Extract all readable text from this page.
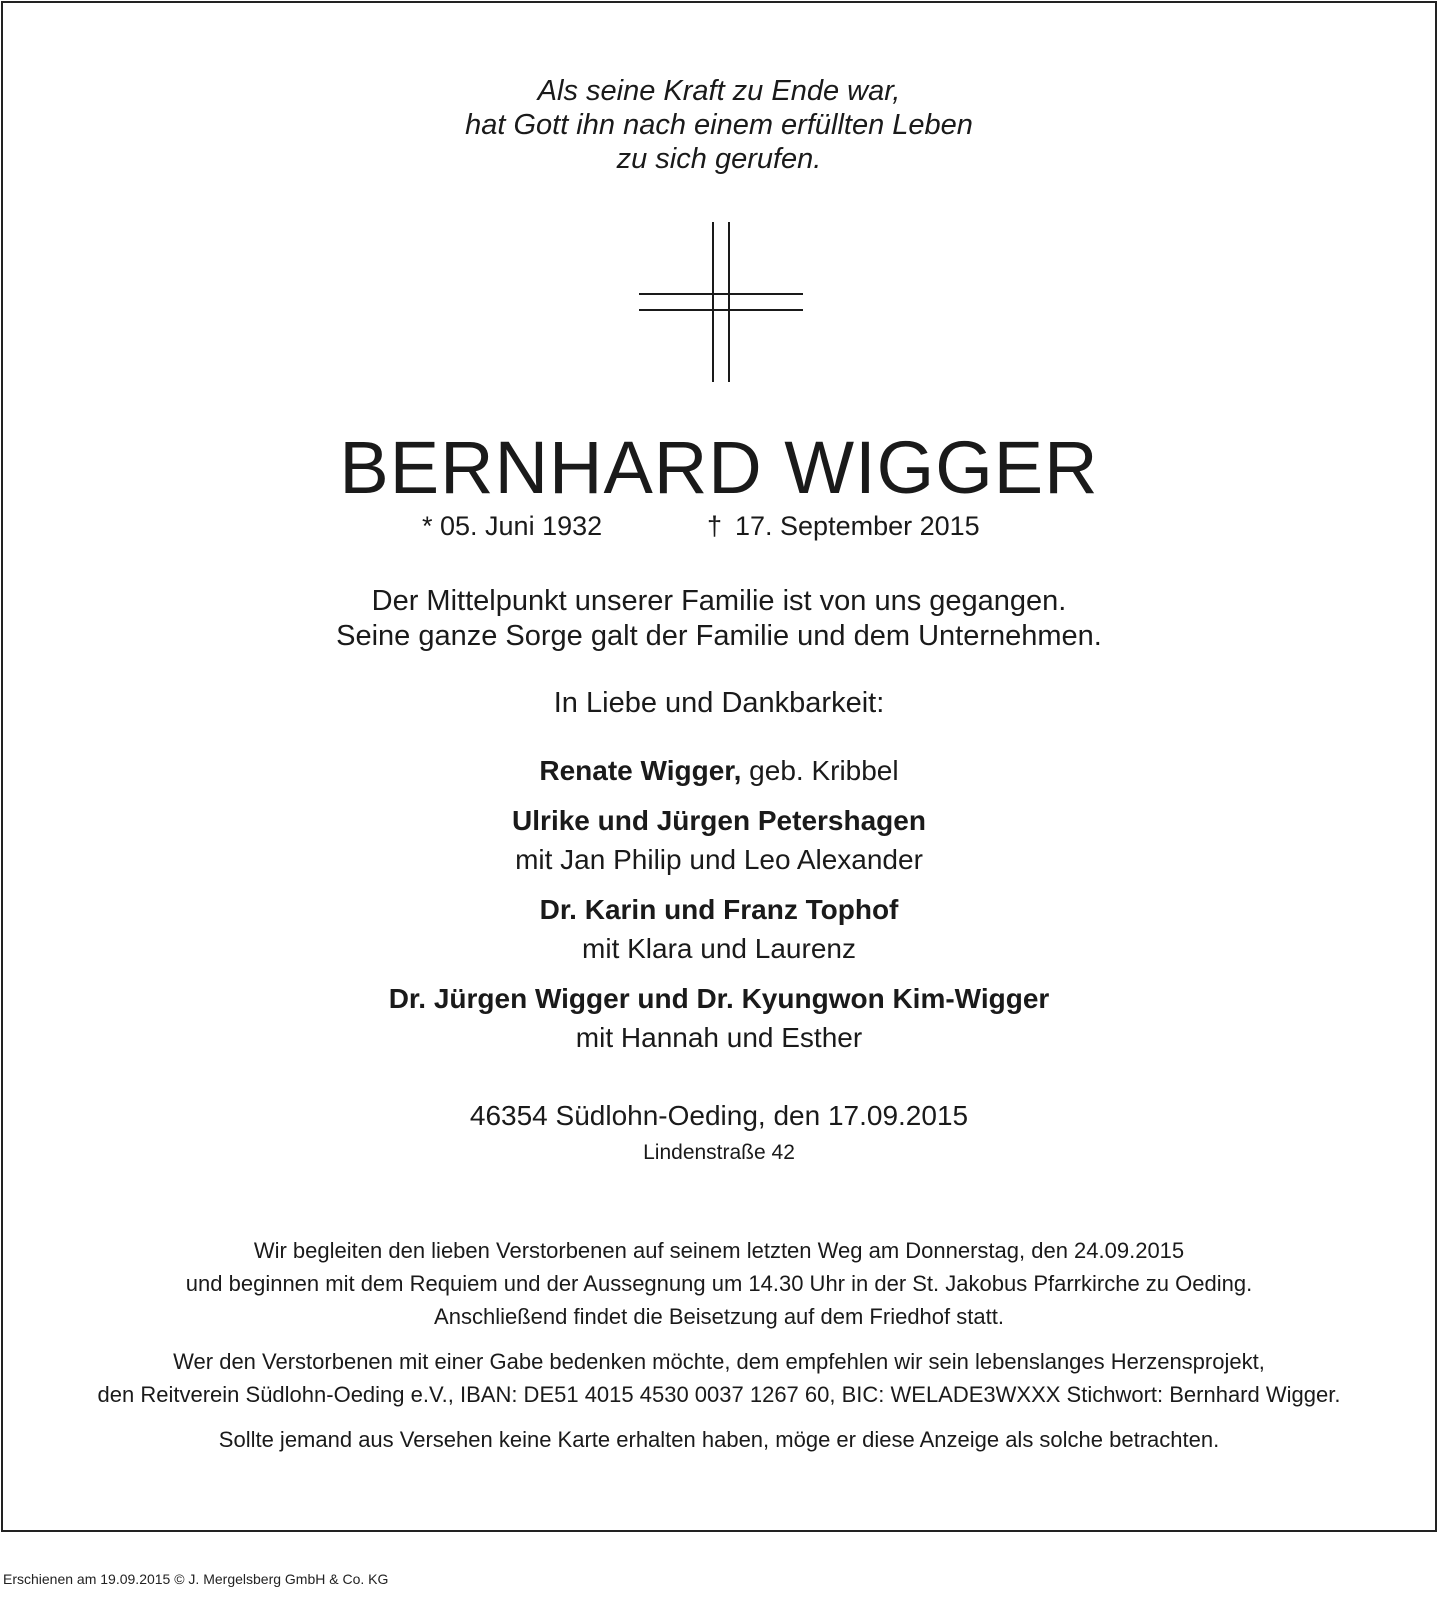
Als seine Kraft zu Ende war,
hat Gott ihn nach einem erfüllten Leben
zu sich gerufen.
BERNHARD WIGGER
* 05. Juni 1932	† 17. September 2015
Der Mittelpunkt unserer Familie ist von uns gegangen.
Seine ganze Sorge galt der Familie und dem Unternehmen.
In Liebe und Dankbarkeit:
Renate Wigger, geb. Kribbel
Ulrike und Jürgen Petershagen
mit Jan Philip und Leo Alexander
Dr. Karin und Franz Tophof
mit Klara und Laurenz
Dr. Jürgen Wigger und Dr. Kyungwon Kim-Wigger
mit Hannah und Esther
46354 Südlohn-Oeding, den 17.09.2015
Lindenstraße 42
Wir begleiten den lieben Verstorbenen auf seinem letzten Weg am Donnerstag, den 24.09.2015
und beginnen mit dem Requiem und der Aussegnung um 14.30 Uhr in der St. Jakobus Pfarrkirche zu Oeding.
Anschließend findet die Beisetzung auf dem Friedhof statt.
Wer den Verstorbenen mit einer Gabe bedenken möchte, dem empfehlen wir sein lebenslanges Herzensprojekt,
den Reitverein Südlohn-Oeding e.V., IBAN: DE51 4015 4530 0037 1267 60, BIC: WELADE3WXXX Stichwort: Bernhard Wigger.
Sollte jemand aus Versehen keine Karte erhalten haben, möge er diese Anzeige als solche betrachten.
Erschienen am 19.09.2015 © J. Mergelsberg GmbH & Co. KG
